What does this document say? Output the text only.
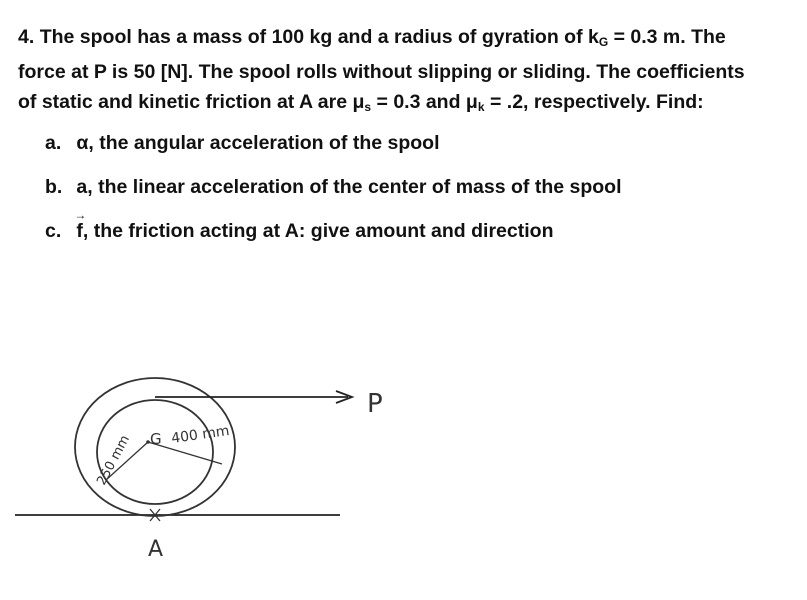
4. The spool has a mass of 100 kg and a radius of gyration of $k_G = 0.3$ m. The

force at P is 50 [N]. The spool rolls without slipping or sliding. The coefficients

of static and kinetic friction at A are $\mu_s = 0.3$ and $\mu_k = .2$, respectively. Find:

a. α, the angular acceleration of the spool
b. a, the linear acceleration of the center of mass of the spool
c. → f, the friction acting at A: give amount and direction
P
G
250 mm	400 mm
A
